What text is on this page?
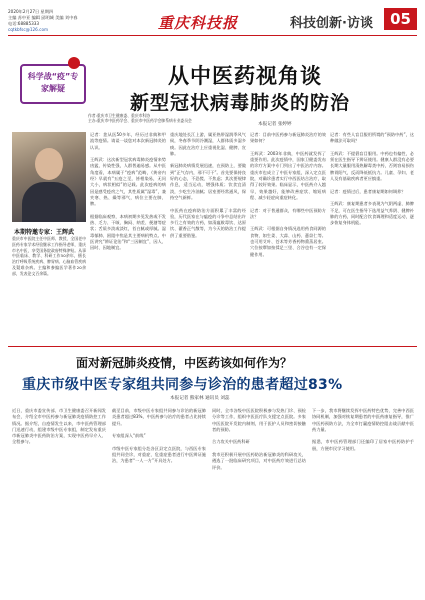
2020年2月27日 星期四
主编 苏中亚 编辑 邱明城 美编 刘中春
电话:68885333
cqtkbfsc@126.com	重庆科技报	科技创新·访谈	05
科学战“疫”专家解疑
从中医药视角谈
新型冠状病毒肺炎的防治
作者:重庆市卫生健康委、重庆市科协
主办:重庆市中医药学会、重庆市中医药学会肺系病专业委员会
本报记者 张婷婷
本期特邀专家：王辉武
重庆市中医院主任中医师、教授，全国老中医药专家学术经验继承工作指导老师，重庆市名中医，享受国务院政府特殊津贴。从事中医临床、教学、科研工作50余年，擅长治疗呼吸系统疾病、脾胃病、心脑血管疾病及疑难杂病。主编和参编医学著作20余部，发表论文百余篇。
记者：您从医50多年，经历过非典和甲流等疫情。请谈一谈您对本次新冠肺炎的认识。

王辉武：这次新型冠状病毒肺炎疫情来势凶猛，传染性强，人群普遍易感。从中医角度看，本病属于“疫病”范畴，《黄帝内经》早就有“五疫之至，皆相染易，无问大小，病状相似”的记载。此次疫病的病因是感受疫疠之气，其性质属“湿毒”，兼夹寒、热、燥等邪气，病位主要在肺、脾。

根据临床观察，本病初期多见发热或不发热、乏力、干咳、胸闷、纳差、便溏等症状；舌质多淡或淡红，苔白腻或厚腻。湿毒郁肺、困阻中焦是其主要病机特点。中医讲究“辨证论治”和“三因制宜”，因人、因时、因地制宜。
重庆地处长江上游，属亚热带湿润季风气候，冬春季节阴冷潮湿，人群体质多湿多痰。因此在治疗上应重视化湿、健脾、宣肺。

新冠肺炎病情发展迅速，在预防上，要做到“正气存内，邪不可干”。首先要保持良好的心态，不恐慌、不焦虑；其次要规律作息，适当运动，增强体质；饮食宜清淡，少吃生冷油腻；居室要经常通风，保持空气新鲜。

中医药在疫病防治方面积累了丰富的经验，历代医家在与瘟疫的斗争中总结出许多行之有效的方药，如清瘟败毒饮、达原饮、藿香正气散等，为今天的防治工作提供了重要借鉴。
记者：目前中医药参与新冠肺炎治疗的效果如何？

王辉武：2003年非典，中医药就发挥了重要作用。此次疫情中，国家卫健委发布的诊疗方案中专门列出了中医治疗内容。重庆市也成立了中医专家组，深入定点医院，对确诊患者实行中西医结合治疗，取得了较好效果。临床显示，中医药介入越早，效果越好，能够改善症状、缩短病程、减少轻症向重症转化。

记者：对于普通群众，有哪些中医预防方法？

王辉武：可根据自身情况选用药食同源的食物，如生姜、大蒜、山药、薏苡仁等。也可用艾叶、苍术等芳香药物熏蒸居室。穴位按摩如按揉足三里、合谷也有一定保健作用。
记者：有些人盲目服用所谓的“预防中药”，这种做法可取吗？

王辉武：不提倡盲目服用。中药也有偏性，必须在医生指导下辨证使用。健康人群没有必要长期大量服用清热解毒类中药，否则容易损伤脾胃阳气，反而降低抵抗力。儿童、孕妇、老人及有基础疾病者更应慎重。

记者：疫情过后，患者康复期如何调养？

王辉武：康复期患者多表现为气阴两虚、肺脾不足，可在医生指导下选用益气养阴、健脾补肺的方药，同时配合饮食调理和适度运动，逐步恢复身体机能。
面对新冠肺炎疫情，中医药该如何作为？
重庆市级中医专家组共同参与诊治的患者超过83%
本报记者 熊家林 通讯员 刘蕊
近日，重庆市委宣传部、市卫生健康委召开新闻发布会，介绍全市中医药参与新冠肺炎疫情防控工作情况。据介绍，自疫情发生以来，市中医药管理部门迅速行动，组建市级中医专家组，制定发布重庆市新冠肺炎中医药防治方案，实现中医药早介入、全程参与。
截至目前，市级中医专家组共同参与诊治的新冠肺炎患者超过83%，中医药参与治疗的患者占比持续提升。

专家组深入“前线”

市级中医专家组分赴各区县定点医院，与西医专家组共同会诊，对重症、危重症患者进行中医辨证施治，为患者“一人一方”开具处方。
同时，全市各级中医医院积极参与发热门诊、预检分诊等工作，组织中医医疗队支援定点医院。多家中医医院开发院内制剂，用于医护人员和密切接触者的预防。

合力攻关中医药科研

我市还积极开展中医药防治新冠肺炎的科研攻关，遴选了一批临床研究项目，对中医药疗效进行总结评价。
下一步，我市将继续发挥中医药特色优势，完善中西医协同机制，加强对恢复期患者的中医药康复指导，推广中医药预防方法，为全市打赢疫情防控阻击战贡献中医药力量。

据悉，市中医药管理部门还编印了居家中医药防护手册，方便市民学习使用。
